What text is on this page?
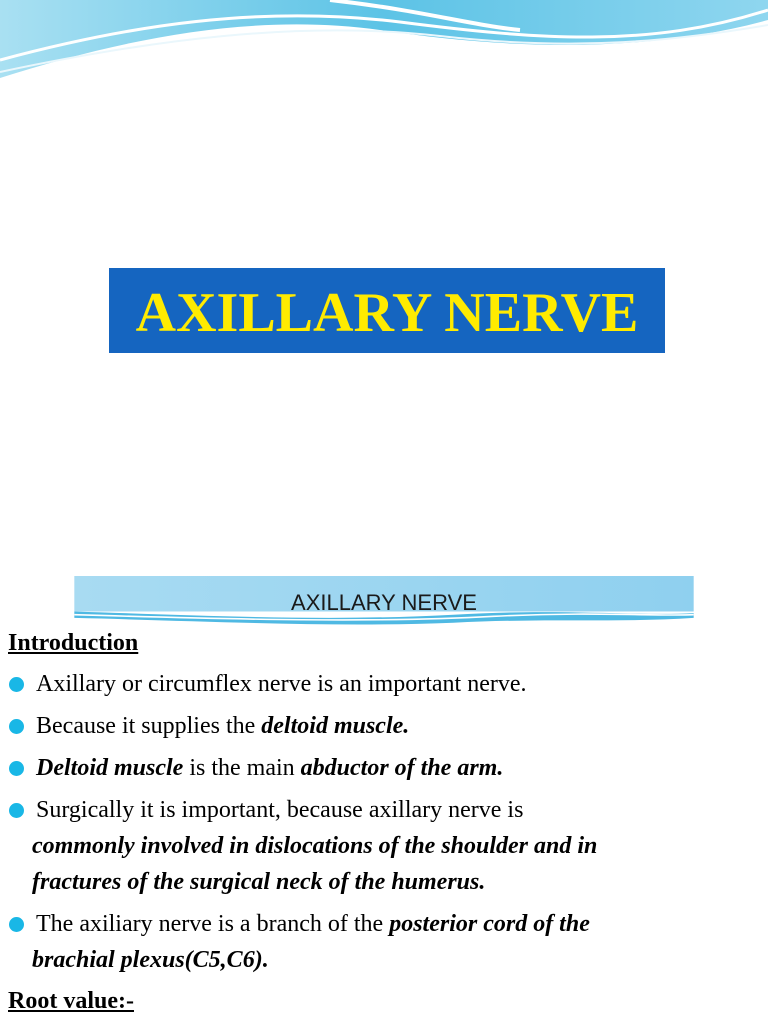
AXILLARY NERVE
AXILLARY NERVE
Introduction
Axillary or circumflex nerve is an important nerve.
Because it supplies the deltoid muscle.
Deltoid muscle is the main abductor of the arm.
Surgically it is important, because axillary nerve is
commonly involved in dislocations of the shoulder and in
fractures of the surgical neck of the humerus.
The axiliary nerve is a branch of the posterior cord of the
brachial plexus(C5,C6).
Root value:-
